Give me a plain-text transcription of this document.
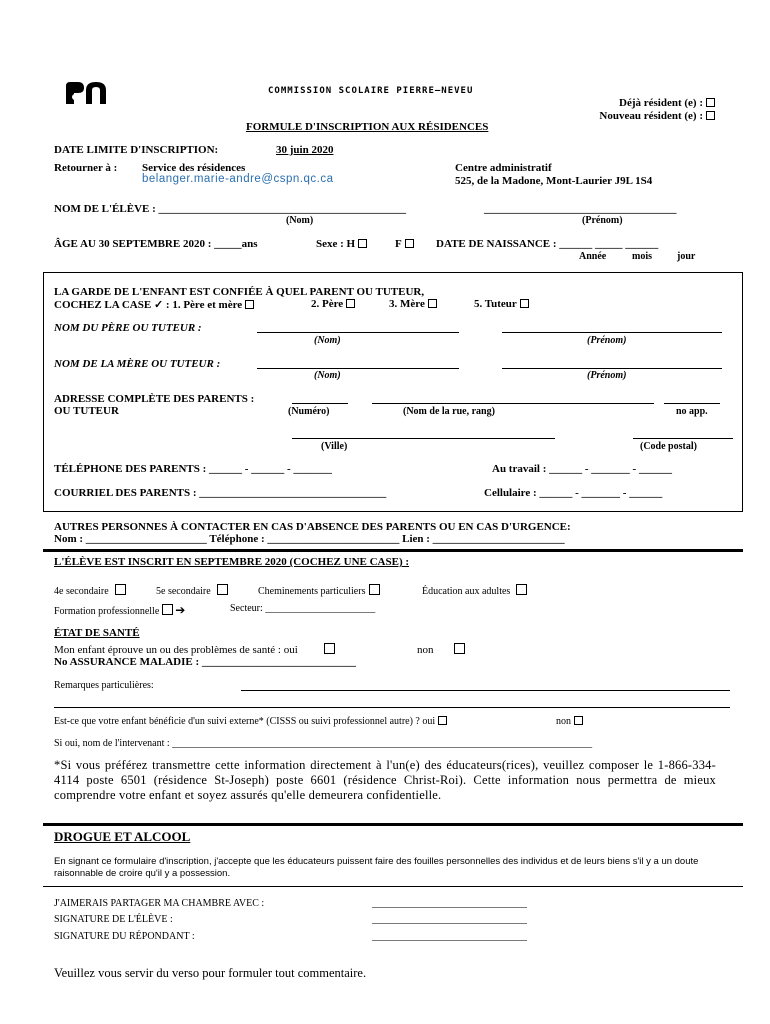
COMMISSION SCOLAIRE PIERRE–NEVEU
Déjà résident (e) :
Nouveau résident (e) :
FORMULE D'INSCRIPTION AUX RÉSIDENCES
DATE LIMITE D'INSCRIPTION:	30 juin 2020
Retourner à : Service des résidences
belanger.marie-andre@cspn.qc.ca
Centre administratif
525, de la Madone, Mont-Laurier J9L 1S4
NOM DE L'ÉLÈVE : _____________________________________________	___________________________________
(Nom)	(Prénom)
ÂGE AU 30 SEPTEMBRE 2020 : _____ans	Sexe : H	F	DATE DE NAISSANCE : ______ _____ ______
Année	mois	jour
LA GARDE DE L'ENFANT EST CONFIÉE À QUEL PARENT OU TUTEUR,
COCHEZ LA CASE ✓ : 1. Père et mère	2. Père	3. Mère	5. Tuteur
NOM DU PÈRE OU TUTEUR :
(Nom)	(Prénom)
NOM DE LA MÈRE OU TUTEUR :
(Nom)	(Prénom)
ADRESSE COMPLÈTE DES PARENTS :
OU TUTEUR	(Numéro)	(Nom de la rue, rang)	no app.
(Ville)	(Code postal)
TÉLÉPHONE DES PARENTS : ______ - ______ - _______	Au travail : ______ - _______ - ______
COURRIEL DES PARENTS : __________________________________	Cellulaire : ______ - _______ - ______
AUTRES PERSONNES À CONTACTER EN CAS D'ABSENCE DES PARENTS OU EN CAS D'URGENCE:
Nom : ______________________ Téléphone : ________________________ Lien : ________________________
L'ÉLÈVE EST INSCRIT EN SEPTEMBRE 2020 (COCHEZ UNE CASE) :
4e secondaire	5e secondaire	Cheminements particuliers	Éducation aux adultes
Formation professionnelle ➔	Secteur: ______________________
ÉTAT DE SANTÉ
Mon enfant éprouve un ou des problèmes de santé : oui	non
No ASSURANCE MALADIE : ____________________________
Remarques particulières:
Est-ce que votre enfant bénéficie d'un suivi externe* (CISSS ou suivi professionnel autre) ? oui	non
Si oui, nom de l'intervenant : ____________________________________________________________________________________
*Si vous préférez transmettre cette information directement à l'un(e) des éducateurs(rices), veuillez composer le 1-866-334-4114 poste 6501 (résidence St-Joseph) poste 6601 (résidence Christ-Roi). Cette information nous permettra de mieux comprendre votre enfant et soyez assurés qu'elle demeurera confidentielle.
DROGUE ET ALCOOL
En signant ce formulaire d'inscription, j'accepte que les éducateurs puissent faire des fouilles personnelles des individus et de leurs biens s'il y a un doute raisonnable de croire qu'il y a possession.
J'AIMERAIS PARTAGER MA CHAMBRE AVEC :	_______________________________
SIGNATURE DE L'ÉLÈVE :	_______________________________
SIGNATURE DU RÉPONDANT :	_______________________________
Veuillez vous servir du verso pour formuler tout commentaire.
